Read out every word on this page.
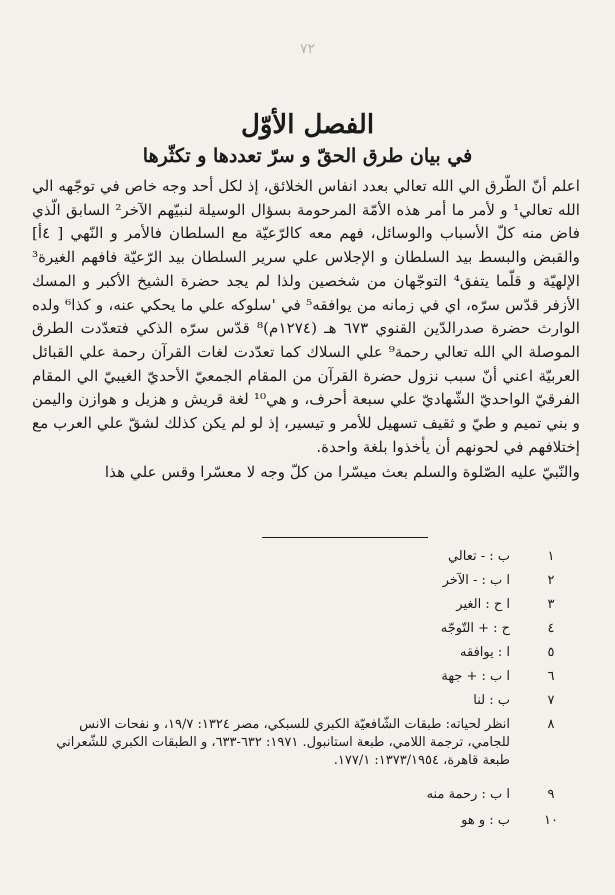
﻿
٧٢
الفصل الأوّل
في بيان طرق الحقّ و سرّ تعددها و تكثّرها

اعلم أنّ الطّرق الي الله تعالي بعدد انفاس الخلائق، إذ لكل أحد وجه خاص في توجّهه الي الله تعالي¹ و لأمر ما أمر هذه الأمّة المرحومة بسؤال الوسيلة لنبيّهم الآخر² السابق الّذي فاض منه كلّ الأسباب والوسائل، فهم معه كالرّعيّة مع السلطان فالأمر و النّهي [ ٤أ] والقبض والبسط بيد السلطان و الإجلاس علي سرير السلطان بيد الرّعيّة فافهم الغيرة³ الإلهيّة و قلّما يتفق⁴ التوجّهان من شخصين ولذا لم يجد حضرة الشيخ الأكبر و المسك الأزفر قدّس سرّه، اي في زمانه من يوافقه⁵ في 'سلوكه علي ما يحكي عنه، و كذا⁶ ولده الوارث حضرة صدرالدّين القنوي ٦٧٣ هـ (١٢٧٤م)⁸ قدّس سرّه الذكي فتعدّدت الطرق الموصلة الي الله تعالي رحمة⁹ علي السلاك كما تعدّدت لغات القرآن رحمة علي القبائل العربيّة اعني أنّ سبب نزول حضرة القرآن من المقام الجمعيّ الأحديّ الغيبيّ الي المقام الفرقيّ الواحديّ الشّهاديّ علي سبعة أحرف، و هي¹⁰ لغة قريش و هزيل و هوازن واليمن و بني تميم و طيّ و ثقيف تسهيل للأمر و تيسير، إذ لو لم يكن كذلك لشقّ علي العرب مع إختلافهم في لحونهم أن يأخذوا بلغة واحدة.

والنّبيّ عليه الصّلوة والسلم بعث ميسّرا من كلّ وجه لا معسّرا وقس علي هذا

١
ب : - تعالي
٢
ا ب : - الآخر
٣
ا ح : الغير
٤
ح : + التّوجّه
٥
ا : يوافقه
٦
ا ب : + جهة
٧
ب : لنا
٨
انظر لحياته: طبقات الشّافعيّة الكبري للسبكي، مصر ١٣٢٤: ١٩/٧، و نفحات الانس للجامي، ترجمة اللامي، طبعة استانبول. ١٩٧١: ٦٣٢-٦٣٣، و الطبقات الكبري للشّعراني طبعة قاهرة، ١٣٧٣/١٩٥٤: ١٧٧/١.
٩
ا ب : رحمة منه
١٠
ب : و هو
